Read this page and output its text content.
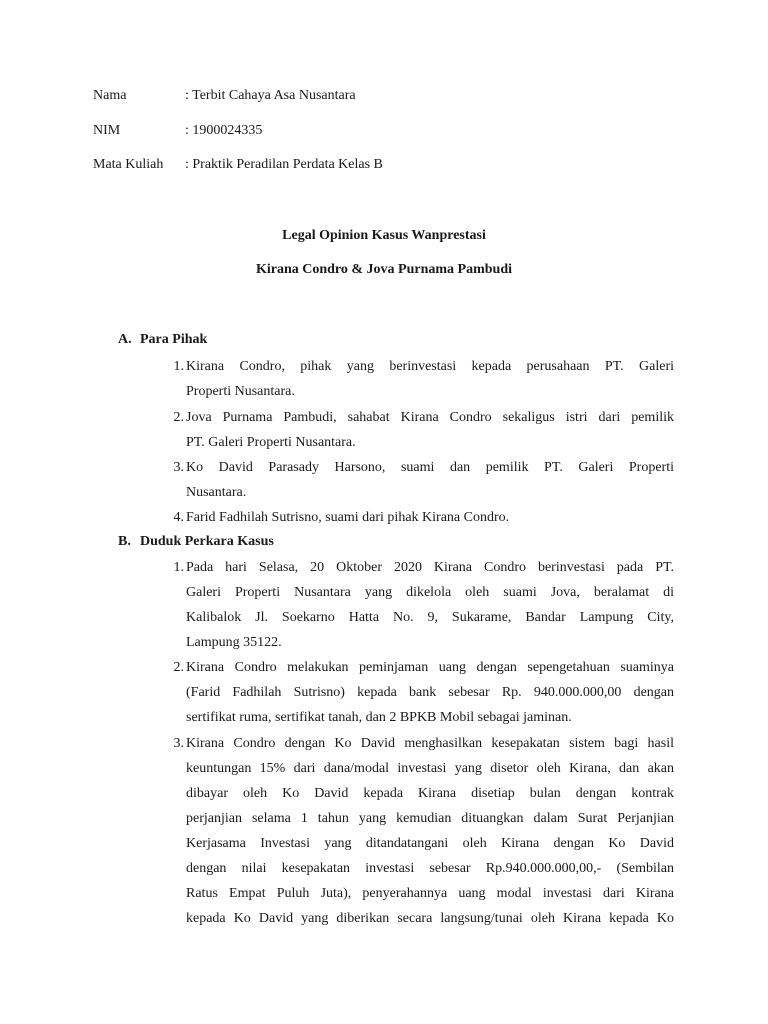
Nama	: Terbit Cahaya Asa Nusantara
NIM	: 1900024335
Mata Kuliah : Praktik Peradilan Perdata Kelas B
Legal Opinion Kasus Wanprestasi
Kirana Condro & Jova Purnama Pambudi
A. Para Pihak
1. Kirana Condro, pihak yang berinvestasi kepada perusahaan PT. Galeri
Properti Nusantara.
2. Jova Purnama Pambudi, sahabat Kirana Condro sekaligus istri dari pemilik
PT. Galeri Properti Nusantara.
3. Ko David Parasady Harsono, suami dan pemilik PT. Galeri Properti
Nusantara.
4. Farid Fadhilah Sutrisno, suami dari pihak Kirana Condro.
B. Duduk Perkara Kasus
1. Pada hari Selasa, 20 Oktober 2020 Kirana Condro berinvestasi pada PT.
Galeri Properti Nusantara yang dikelola oleh suami Jova, beralamat di
Kalibalok Jl. Soekarno Hatta No. 9, Sukarame, Bandar Lampung City,
Lampung 35122.
2. Kirana Condro melakukan peminjaman uang dengan sepengetahuan suaminya
(Farid Fadhilah Sutrisno) kepada bank sebesar Rp. 940.000.000,00 dengan
sertifikat ruma, sertifikat tanah, dan 2 BPKB Mobil sebagai jaminan.
3. Kirana Condro dengan Ko David menghasilkan kesepakatan sistem bagi hasil
keuntungan 15% dari dana/modal investasi yang disetor oleh Kirana, dan akan
dibayar oleh Ko David kepada Kirana disetiap bulan dengan kontrak
perjanjian selama 1 tahun yang kemudian dituangkan dalam Surat Perjanjian
Kerjasama Investasi yang ditandatangani oleh Kirana dengan Ko David
dengan nilai kesepakatan investasi sebesar Rp.940.000.000,00,- (Sembilan
Ratus Empat Puluh Juta), penyerahannya uang modal investasi dari Kirana
kepada Ko David yang diberikan secara langsung/tunai oleh Kirana kepada Ko
